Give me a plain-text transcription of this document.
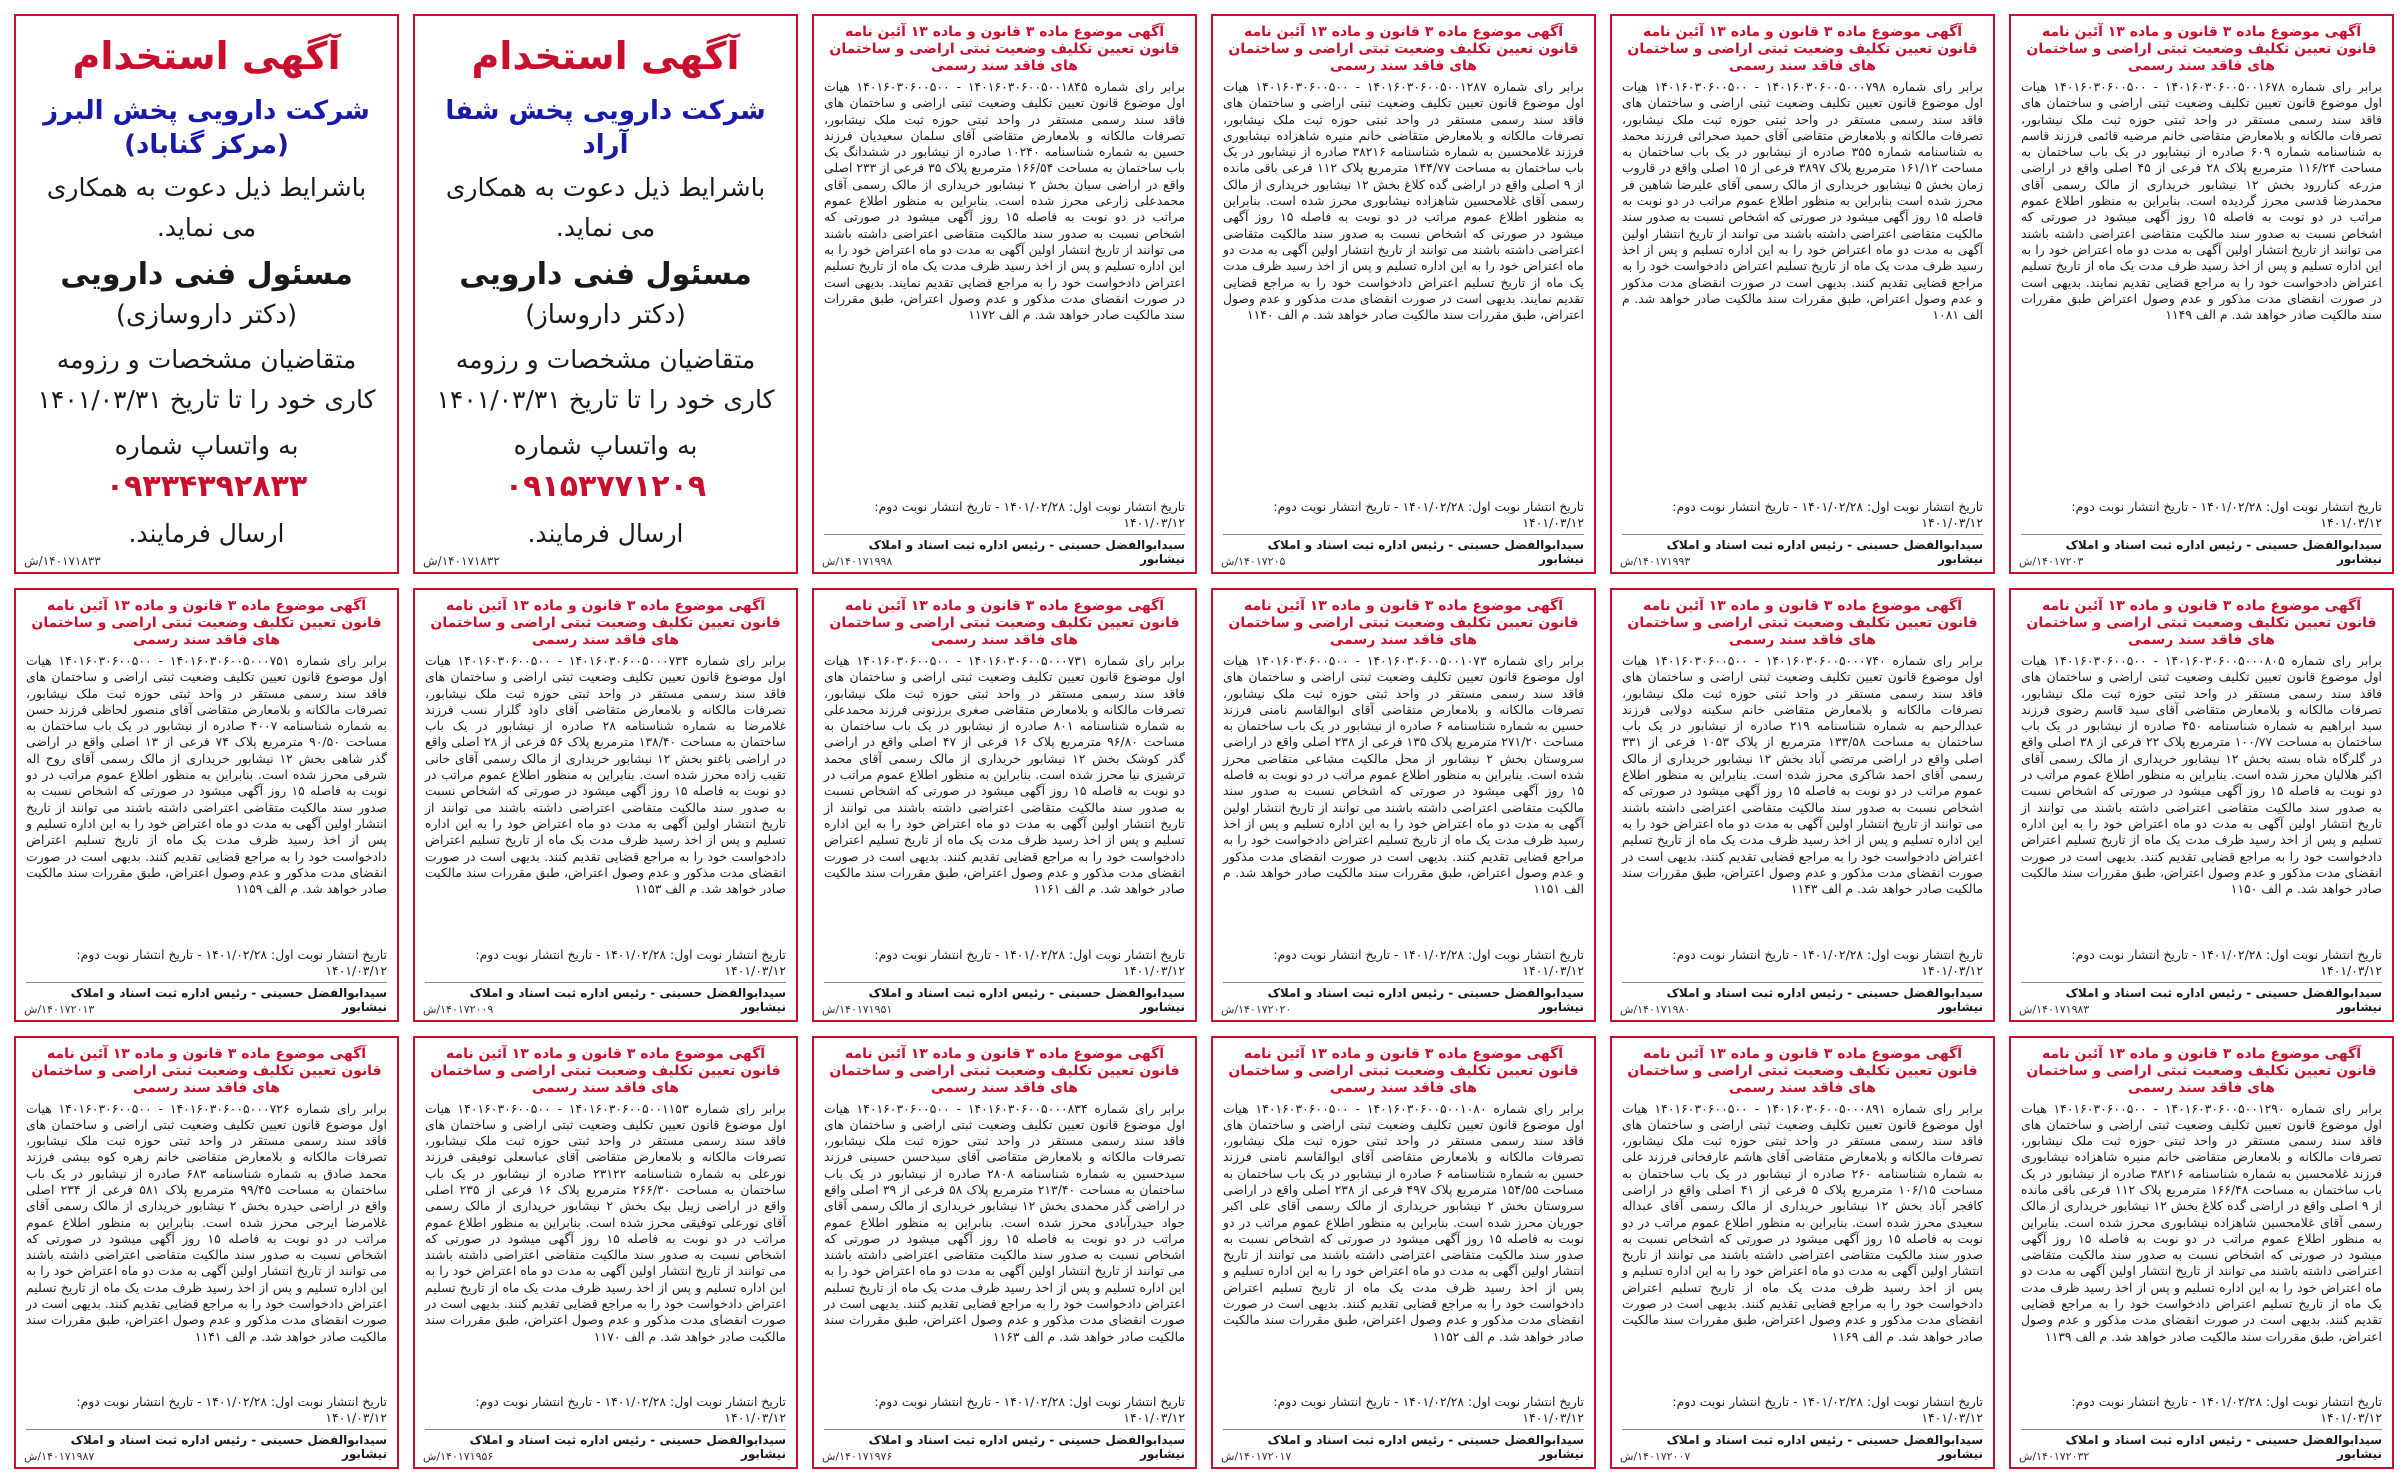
آگهی موضوع ماده ۳ قانون و ماده ۱۳ آئین نامه قانون تعیین تکلیف وضعیت ثبتی اراضی و ساختمان های فاقد سند رسمی
برابر رای شماره ۱۴۰۱۶۰۳۰۶۰۰۵۰۰۱۶۷۸ - ۱۴۰۱۶۰۳۰۶۰۰۵۰۰ هیات اول موضوع قانون تعیین تکلیف وضعیت ثبتی اراضی و ساختمان های فاقد سند رسمی مستقر در واحد ثبتی حوزه ثبت ملک نیشابور، تصرفات مالکانه و بلامعارض متقاضی خانم مرضیه قائمی فرزند قاسم به شناسنامه شماره ۶۰۹ صادره از نیشابور در یک باب ساختمان به مساحت ۱۱۶/۲۴ مترمربع پلاک ۲۸ فرعی از ۴۵ اصلی واقع در اراضی مزرعه کناررود بخش ۱۲ نیشابور خریداری از مالک رسمی آقای محمدرضا قدسی محرز گردیده است. بنابراین به منظور اطلاع عموم مراتب در دو نوبت به فاصله ۱۵ روز آگهی میشود در صورتی که اشخاص نسبت به صدور سند مالکیت متقاضی اعتراضی داشته باشند می توانند از تاریخ انتشار اولین آگهی به مدت دو ماه اعتراض خود را به این اداره تسلیم و پس از اخذ رسید ظرف مدت یک ماه از تاریخ تسلیم اعتراض دادخواست خود را به مراجع قضایی تقدیم نمایند. بدیهی است در صورت انقضای مدت مذکور و عدم وصول اعتراض طبق مقررات سند مالکیت صادر خواهد شد. م الف ۱۱۴۹
تاریخ انتشار نوبت اول: ۱۴۰۱/۰۲/۲۸ - تاریخ انتشار نوبت دوم: ۱۴۰۱/۰۳/۱۲
سیدابوالفضل حسینی - رئیس اداره ثبت اسناد و املاک نیشابور
۱۴۰۱۷۲۰۳/ش
آگهی موضوع ماده ۳ قانون و ماده ۱۳ آئین نامه قانون تعیین تکلیف وضعیت ثبتی اراضی و ساختمان های فاقد سند رسمی
برابر رای شماره ۱۴۰۱۶۰۳۰۶۰۰۵۰۰۰۷۹۸ - ۱۴۰۱۶۰۳۰۶۰۰۵۰۰ هیات اول موضوع قانون تعیین تکلیف وضعیت ثبتی اراضی و ساختمان های فاقد سند رسمی مستقر در واحد ثبتی حوزه ثبت ملک نیشابور، تصرفات مالکانه و بلامعارض متقاضی آقای حمید صحرائی فرزند محمد به شناسنامه شماره ۳۵۵ صادره از نیشابور در یک باب ساختمان به مساحت ۱۶۱/۱۲ مترمربع پلاک ۳۸۹۷ فرعی از ۱۵ اصلی واقع در قاروب زمان بخش ۵ نیشابور خریداری از مالک رسمی آقای علیرضا شاهین فر محرز شده است بنابراین به منظور اطلاع عموم مراتب در دو نوبت به فاصله ۱۵ روز آگهی میشود در صورتی که اشخاص نسبت به صدور سند مالکیت متقاضی اعتراضی داشته باشند می توانند از تاریخ انتشار اولین آگهی به مدت دو ماه اعتراض خود را به این اداره تسلیم و پس از اخذ رسید ظرف مدت یک ماه از تاریخ تسلیم اعتراض دادخواست خود را به مراجع قضایی تقدیم کنند. بدیهی است در صورت انقضای مدت مذکور و عدم وصول اعتراض، طبق مقررات سند مالکیت صادر خواهد شد. م الف ۱۰۸۱
تاریخ انتشار نوبت اول: ۱۴۰۱/۰۲/۲۸ - تاریخ انتشار نوبت دوم: ۱۴۰۱/۰۳/۱۲
سیدابوالفضل حسینی - رئیس اداره ثبت اسناد و املاک نیشابور
۱۴۰۱۷۱۹۹۳/ش
آگهی موضوع ماده ۳ قانون و ماده ۱۳ آئین نامه قانون تعیین تکلیف وضعیت ثبتی اراضی و ساختمان های فاقد سند رسمی
برابر رای شماره ۱۴۰۱۶۰۳۰۶۰۰۵۰۰۱۲۸۷ - ۱۴۰۱۶۰۳۰۶۰۰۵۰۰ هیات اول موضوع قانون تعیین تکلیف وضعیت ثبتی اراضی و ساختمان های فاقد سند رسمی مستقر در واحد ثبتی حوزه ثبت ملک نیشابور، تصرفات مالکانه و بلامعارض متقاضی خانم منیره شاهزاده نیشابوری فرزند غلامحسین به شماره شناسنامه ۳۸۲۱۶ صادره از نیشابور در یک باب ساختمان به مساحت ۱۴۴/۷۷ مترمربع پلاک ۱۱۲ فرعی باقی مانده از ۹ اصلی واقع در اراضی گده کلاغ بخش ۱۲ نیشابور خریداری از مالک رسمی آقای غلامحسین شاهزاده نیشابوری محرز شده است. بنابراین به منظور اطلاع عموم مراتب در دو نوبت به فاصله ۱۵ روز آگهی میشود در صورتی که اشخاص نسبت به صدور سند مالکیت متقاضی اعتراضی داشته باشند می توانند از تاریخ انتشار اولین آگهی به مدت دو ماه اعتراض خود را به این اداره تسلیم و پس از اخذ رسید ظرف مدت یک ماه از تاریخ تسلیم اعتراض دادخواست خود را به مراجع قضایی تقدیم نمایند. بدیهی است در صورت انقضای مدت مذکور و عدم وصول اعتراض، طبق مقررات سند مالکیت صادر خواهد شد. م الف ۱۱۴۰
تاریخ انتشار نوبت اول: ۱۴۰۱/۰۲/۲۸ - تاریخ انتشار نوبت دوم: ۱۴۰۱/۰۳/۱۲
سیدابوالفضل حسینی - رئیس اداره ثبت اسناد و املاک نیشابور
۱۴۰۱۷۲۰۵/ش
آگهی موضوع ماده ۳ قانون و ماده ۱۳ آئین نامه قانون تعیین تکلیف وضعیت ثبتی اراضی و ساختمان های فاقد سند رسمی
برابر رای شماره ۱۴۰۱۶۰۳۰۶۰۰۵۰۰۱۸۴۵ - ۱۴۰۱۶۰۳۰۶۰۰۵۰۰ هیات اول موضوع قانون تعیین تکلیف وضعیت ثبتی اراضی و ساختمان های فاقد سند رسمی مستقر در واحد ثبتی حوزه ثبت ملک نیشابور، تصرفات مالکانه و بلامعارض متقاضی آقای سلمان سعیدیان فرزند حسین به شماره شناسنامه ۱۰۲۴۰ صادره از نیشابور در ششدانگ یک باب ساختمان به مساحت ۱۶۶/۵۴ مترمربع پلاک ۳۵ فرعی از ۲۳۳ اصلی واقع در اراضی سیان بخش ۲ نیشابور خریداری از مالک رسمی آقای محمدعلی زارعی محرز شده است. بنابراین به منظور اطلاع عموم مراتب در دو نوبت به فاصله ۱۵ روز آگهی میشود در صورتی که اشخاص نسبت به صدور سند مالکیت متقاضی اعتراضی داشته باشند می توانند از تاریخ انتشار اولین آگهی به مدت دو ماه اعتراض خود را به این اداره تسلیم و پس از اخذ رسید ظرف مدت یک ماه از تاریخ تسلیم اعتراض دادخواست خود را به مراجع قضایی تقدیم نمایند. بدیهی است در صورت انقضای مدت مذکور و عدم وصول اعتراض، طبق مقررات سند مالکیت صادر خواهد شد. م الف ۱۱۷۲
تاریخ انتشار نوبت اول: ۱۴۰۱/۰۲/۲۸ - تاریخ انتشار نوبت دوم: ۱۴۰۱/۰۳/۱۲
سیدابوالفضل حسینی - رئیس اداره ثبت اسناد و املاک نیشابور
۱۴۰۱۷۱۹۹۸/ش
آگهی استخدام
شرکت دارویی پخش شفا آراد
باشرایط ذیل دعوت به همکاری می نماید.
مسئول فنی دارویی
(دکتر داروساز)
متقاضیان مشخصات و رزومه کاری خود را تا تاریخ ۱۴۰۱/۰۳/۳۱
به واتساپ شماره
۰۹۱۵۳۷۷۱۲۰۹
ارسال فرمایند.
۱۴۰۱۷۱۸۳۲/ش
آگهی استخدام
شرکت دارویی پخش البرز (مرکز گناباد)
باشرایط ذیل دعوت به همکاری می نماید.
مسئول فنی دارویی
(دکتر داروسازی)
متقاضیان مشخصات و رزومه کاری خود را تا تاریخ ۱۴۰۱/۰۳/۳۱
به واتساپ شماره
۰۹۳۳۴۳۹۲۸۳۳
ارسال فرمایند.
۱۴۰۱۷۱۸۳۳/ش
آگهی موضوع ماده ۳ قانون و ماده ۱۳ آئین نامه قانون تعیین تکلیف وضعیت ثبتی اراضی و ساختمان های فاقد سند رسمی
برابر رای شماره ۱۴۰۱۶۰۳۰۶۰۰۵۰۰۰۸۰۵ - ۱۴۰۱۶۰۳۰۶۰۰۵۰۰ هیات اول موضوع قانون تعیین تکلیف وضعیت ثبتی اراضی و ساختمان های فاقد سند رسمی مستقر در واحد ثبتی حوزه ثبت ملک نیشابور، تصرفات مالکانه و بلامعارض متقاضی آقای سید قاسم رضوی فرزند سید ابراهیم به شماره شناسنامه ۴۵۰ صادره از نیشابور در یک باب ساختمان به مساحت ۱۰۰/۷۷ مترمربع پلاک ۲۲ فرعی از ۳۸ اصلی واقع در گلرگاه شاه بسته بخش ۱۲ نیشابور خریداری از مالک رسمی آقای اکبر هلالیان محرز شده است. بنابراین به منظور اطلاع عموم مراتب در دو نوبت به فاصله ۱۵ روز آگهی میشود در صورتی که اشخاص نسبت به صدور سند مالکیت متقاضی اعتراضی داشته باشند می توانند از تاریخ انتشار اولین آگهی به مدت دو ماه اعتراض خود را به این اداره تسلیم و پس از اخذ رسید ظرف مدت یک ماه از تاریخ تسلیم اعتراض دادخواست خود را به مراجع قضایی تقدیم کنند. بدیهی است در صورت انقضای مدت مذکور و عدم وصول اعتراض، طبق مقررات سند مالکیت صادر خواهد شد. م الف ۱۱۵۰
تاریخ انتشار نوبت اول: ۱۴۰۱/۰۲/۲۸ - تاریخ انتشار نوبت دوم: ۱۴۰۱/۰۳/۱۲
سیدابوالفضل حسینی - رئیس اداره ثبت اسناد و املاک نیشابور
۱۴۰۱۷۱۹۸۳/ش
آگهی موضوع ماده ۳ قانون و ماده ۱۳ آئین نامه قانون تعیین تکلیف وضعیت ثبتی اراضی و ساختمان های فاقد سند رسمی
برابر رای شماره ۱۴۰۱۶۰۳۰۶۰۰۵۰۰۰۷۴۰ - ۱۴۰۱۶۰۳۰۶۰۰۵۰۰ هیات اول موضوع قانون تعیین تکلیف وضعیت ثبتی اراضی و ساختمان های فاقد سند رسمی مستقر در واحد ثبتی حوزه ثبت ملک نیشابور، تصرفات مالکانه و بلامعارض متقاضی خانم سکینه دولابی فرزند عبدالرحیم به شماره شناسنامه ۲۱۹ صادره از نیشابور در یک باب ساختمان به مساحت ۱۳۳/۵۸ مترمربع از پلاک ۱۰۵۳ فرعی از ۳۳۱ اصلی واقع در اراضی مرتضی آباد بخش ۱۲ نیشابور خریداری از مالک رسمی آقای احمد شاکری محرز شده است. بنابراین به منظور اطلاع عموم مراتب در دو نوبت به فاصله ۱۵ روز آگهی میشود در صورتی که اشخاص نسبت به صدور سند مالکیت متقاضی اعتراضی داشته باشند می توانند از تاریخ انتشار اولین آگهی به مدت دو ماه اعتراض خود را به این اداره تسلیم و پس از اخذ رسید ظرف مدت یک ماه از تاریخ تسلیم اعتراض دادخواست خود را به مراجع قضایی تقدیم کنند. بدیهی است در صورت انقضای مدت مذکور و عدم وصول اعتراض، طبق مقررات سند مالکیت صادر خواهد شد. م الف ۱۱۴۳
تاریخ انتشار نوبت اول: ۱۴۰۱/۰۲/۲۸ - تاریخ انتشار نوبت دوم: ۱۴۰۱/۰۳/۱۲
سیدابوالفضل حسینی - رئیس اداره ثبت اسناد و املاک نیشابور
۱۴۰۱۷۱۹۸۰/ش
آگهی موضوع ماده ۳ قانون و ماده ۱۳ آئین نامه قانون تعیین تکلیف وضعیت ثبتی اراضی و ساختمان های فاقد سند رسمی
برابر رای شماره ۱۴۰۱۶۰۳۰۶۰۰۵۰۰۱۰۷۳ - ۱۴۰۱۶۰۳۰۶۰۰۵۰۰ هیات اول موضوع قانون تعیین تکلیف وضعیت ثبتی اراضی و ساختمان های فاقد سند رسمی مستقر در واحد ثبتی حوزه ثبت ملک نیشابور، تصرفات مالکانه و بلامعارض متقاضی آقای ابوالقاسم نامنی فرزند حسین به شماره شناسنامه ۶ صادره از نیشابور در یک باب ساختمان به مساحت ۲۷۱/۲۰ مترمربع پلاک ۱۳۵ فرعی از ۲۳۸ اصلی واقع در اراضی سروستان بخش ۲ نیشابور از محل مالکیت مشاعی متقاضی محرز شده است. بنابراین به منظور اطلاع عموم مراتب در دو نوبت به فاصله ۱۵ روز آگهی میشود در صورتی که اشخاص نسبت به صدور سند مالکیت متقاضی اعتراضی داشته باشند می توانند از تاریخ انتشار اولین آگهی به مدت دو ماه اعتراض خود را به این اداره تسلیم و پس از اخذ رسید ظرف مدت یک ماه از تاریخ تسلیم اعتراض دادخواست خود را به مراجع قضایی تقدیم کنند. بدیهی است در صورت انقضای مدت مذکور و عدم وصول اعتراض، طبق مقررات سند مالکیت صادر خواهد شد. م الف ۱۱۵۱
تاریخ انتشار نوبت اول: ۱۴۰۱/۰۲/۲۸ - تاریخ انتشار نوبت دوم: ۱۴۰۱/۰۳/۱۲
سیدابوالفضل حسینی - رئیس اداره ثبت اسناد و املاک نیشابور
۱۴۰۱۷۲۰۲۰/ش
آگهی موضوع ماده ۳ قانون و ماده ۱۳ آئین نامه قانون تعیین تکلیف وضعیت ثبتی اراضی و ساختمان های فاقد سند رسمی
برابر رای شماره ۱۴۰۱۶۰۳۰۶۰۰۵۰۰۰۷۳۱ - ۱۴۰۱۶۰۳۰۶۰۰۵۰۰ هیات اول موضوع قانون تعیین تکلیف وضعیت ثبتی اراضی و ساختمان های فاقد سند رسمی مستقر در واحد ثبتی حوزه ثبت ملک نیشابور، تصرفات مالکانه و بلامعارض متقاضی صغری برزنونی فرزند محمدعلی به شماره شناسنامه ۸۰۱ صادره از نیشابور در یک باب ساختمان به مساحت ۹۶/۸۰ مترمربع پلاک ۱۶ فرعی از ۴۷ اصلی واقع در اراضی گذر کوشک بخش ۱۲ نیشابور خریداری از مالک رسمی آقای محمد ترشیزی نیا محرز شده است. بنابراین به منظور اطلاع عموم مراتب در دو نوبت به فاصله ۱۵ روز آگهی میشود در صورتی که اشخاص نسبت به صدور سند مالکیت متقاضی اعتراضی داشته باشند می توانند از تاریخ انتشار اولین آگهی به مدت دو ماه اعتراض خود را به این اداره تسلیم و پس از اخذ رسید ظرف مدت یک ماه از تاریخ تسلیم اعتراض دادخواست خود را به مراجع قضایی تقدیم کنند. بدیهی است در صورت انقضای مدت مذکور و عدم وصول اعتراض، طبق مقررات سند مالکیت صادر خواهد شد. م الف ۱۱۶۱
تاریخ انتشار نوبت اول: ۱۴۰۱/۰۲/۲۸ - تاریخ انتشار نوبت دوم: ۱۴۰۱/۰۳/۱۲
سیدابوالفضل حسینی - رئیس اداره ثبت اسناد و املاک نیشابور
۱۴۰۱۷۱۹۵۱/ش
آگهی موضوع ماده ۳ قانون و ماده ۱۳ آئین نامه قانون تعیین تکلیف وضعیت ثبتی اراضی و ساختمان های فاقد سند رسمی
برابر رای شماره ۱۴۰۱۶۰۳۰۶۰۰۵۰۰۰۷۳۴ - ۱۴۰۱۶۰۳۰۶۰۰۵۰۰ هیات اول موضوع قانون تعیین تکلیف وضعیت ثبتی اراضی و ساختمان های فاقد سند رسمی مستقر در واحد ثبتی حوزه ثبت ملک نیشابور، تصرفات مالکانه و بلامعارض متقاضی آقای داود گلزار نسب فرزند غلامرضا به شماره شناسنامه ۲۸ صادره از نیشابور در یک باب ساختمان به مساحت ۱۳۸/۴۰ مترمربع پلاک ۵۶ فرعی از ۲۸ اصلی واقع در اراضی باغنو بخش ۱۲ نیشابور خریداری از مالک رسمی آقای خانی تقیب زاده محرز شده است. بنابراین به منظور اطلاع عموم مراتب در دو نوبت به فاصله ۱۵ روز آگهی میشود در صورتی که اشخاص نسبت به صدور سند مالکیت متقاضی اعتراضی داشته باشند می توانند از تاریخ انتشار اولین آگهی به مدت دو ماه اعتراض خود را به این اداره تسلیم و پس از اخذ رسید ظرف مدت یک ماه از تاریخ تسلیم اعتراض دادخواست خود را به مراجع قضایی تقدیم کنند. بدیهی است در صورت انقضای مدت مذکور و عدم وصول اعتراض، طبق مقررات سند مالکیت صادر خواهد شد. م الف ۱۱۵۳
تاریخ انتشار نوبت اول: ۱۴۰۱/۰۲/۲۸ - تاریخ انتشار نوبت دوم: ۱۴۰۱/۰۳/۱۲
سیدابوالفضل حسینی - رئیس اداره ثبت اسناد و املاک نیشابور
۱۴۰۱۷۲۰۰۹/ش
آگهی موضوع ماده ۳ قانون و ماده ۱۳ آئین نامه قانون تعیین تکلیف وضعیت ثبتی اراضی و ساختمان های فاقد سند رسمی
برابر رای شماره ۱۴۰۱۶۰۳۰۶۰۰۵۰۰۰۷۵۱ - ۱۴۰۱۶۰۳۰۶۰۰۵۰۰ هیات اول موضوع قانون تعیین تکلیف وضعیت ثبتی اراضی و ساختمان های فاقد سند رسمی مستقر در واحد ثبتی حوزه ثبت ملک نیشابور، تصرفات مالکانه و بلامعارض متقاضی آقای منصور لحاظی فرزند حسن به شماره شناسنامه ۴۰۰۷ صادره از نیشابور در یک باب ساختمان به مساحت ۹۰/۵۰ مترمربع پلاک ۷۴ فرعی از ۱۳ اصلی واقع در اراضی گذر شاهی بخش ۱۲ نیشابور خریداری از مالک رسمی آقای روح اله شرقی محرز شده است. بنابراین به منظور اطلاع عموم مراتب در دو نوبت به فاصله ۱۵ روز آگهی میشود در صورتی که اشخاص نسبت به صدور سند مالکیت متقاضی اعتراضی داشته باشند می توانند از تاریخ انتشار اولین آگهی به مدت دو ماه اعتراض خود را به این اداره تسلیم و پس از اخذ رسید ظرف مدت یک ماه از تاریخ تسلیم اعتراض دادخواست خود را به مراجع قضایی تقدیم کنند. بدیهی است در صورت انقضای مدت مذکور و عدم وصول اعتراض، طبق مقررات سند مالکیت صادر خواهد شد. م الف ۱۱۵۹
تاریخ انتشار نوبت اول: ۱۴۰۱/۰۲/۲۸ - تاریخ انتشار نوبت دوم: ۱۴۰۱/۰۳/۱۲
سیدابوالفضل حسینی - رئیس اداره ثبت اسناد و املاک نیشابور
۱۴۰۱۷۲۰۱۳/ش
آگهی موضوع ماده ۳ قانون و ماده ۱۳ آئین نامه قانون تعیین تکلیف وضعیت ثبتی اراضی و ساختمان های فاقد سند رسمی
برابر رای شماره ۱۴۰۱۶۰۳۰۶۰۰۵۰۰۱۲۹۰ - ۱۴۰۱۶۰۳۰۶۰۰۵۰۰ هیات اول موضوع قانون تعیین تکلیف وضعیت ثبتی اراضی و ساختمان های فاقد سند رسمی مستقر در واحد ثبتی حوزه ثبت ملک نیشابور، تصرفات مالکانه و بلامعارض متقاضی خانم منیره شاهزاده نیشابوری فرزند غلامحسین به شماره شناسنامه ۳۸۲۱۶ صادره از نیشابور در یک باب ساختمان به مساحت ۱۶۶/۴۸ مترمربع پلاک ۱۱۲ فرعی باقی مانده از ۹ اصلی واقع در اراضی گده کلاغ بخش ۱۲ نیشابور خریداری از مالک رسمی آقای غلامحسین شاهزاده نیشابوری محرز شده است. بنابراین به منظور اطلاع عموم مراتب در دو نوبت به فاصله ۱۵ روز آگهی میشود در صورتی که اشخاص نسبت به صدور سند مالکیت متقاضی اعتراضی داشته باشند می توانند از تاریخ انتشار اولین آگهی به مدت دو ماه اعتراض خود را به این اداره تسلیم و پس از اخذ رسید ظرف مدت یک ماه از تاریخ تسلیم اعتراض دادخواست خود را به مراجع قضایی تقدیم کنند. بدیهی است در صورت انقضای مدت مذکور و عدم وصول اعتراض، طبق مقررات سند مالکیت صادر خواهد شد. م الف ۱۱۳۹
تاریخ انتشار نوبت اول: ۱۴۰۱/۰۲/۲۸ - تاریخ انتشار نوبت دوم: ۱۴۰۱/۰۳/۱۲
سیدابوالفضل حسینی - رئیس اداره ثبت اسناد و املاک نیشابور
۱۴۰۱۷۲۰۳۲/ش
آگهی موضوع ماده ۳ قانون و ماده ۱۳ آئین نامه قانون تعیین تکلیف وضعیت ثبتی اراضی و ساختمان های فاقد سند رسمی
برابر رای شماره ۱۴۰۱۶۰۳۰۶۰۰۵۰۰۰۸۹۱ - ۱۴۰۱۶۰۳۰۶۰۰۵۰۰ هیات اول موضوع قانون تعیین تکلیف وضعیت ثبتی اراضی و ساختمان های فاقد سند رسمی مستقر در واحد ثبتی حوزه ثبت ملک نیشابور، تصرفات مالکانه و بلامعارض متقاضی آقای هاشم عارفخانی فرزند علی به شماره شناسنامه ۲۶۰ صادره از نیشابور در یک باب ساختمان به مساحت ۱۰۶/۱۵ مترمربع پلاک ۵ فرعی از ۴۱ اصلی واقع در اراضی کافجر آباد بخش ۱۲ نیشابور خریداری از مالک رسمی آقای عبداله سعیدی محرز شده است. بنابراین به منظور اطلاع عموم مراتب در دو نوبت به فاصله ۱۵ روز آگهی میشود در صورتی که اشخاص نسبت به صدور سند مالکیت متقاضی اعتراضی داشته باشند می توانند از تاریخ انتشار اولین آگهی به مدت دو ماه اعتراض خود را به این اداره تسلیم و پس از اخذ رسید ظرف مدت یک ماه از تاریخ تسلیم اعتراض دادخواست خود را به مراجع قضایی تقدیم کنند. بدیهی است در صورت انقضای مدت مذکور و عدم وصول اعتراض، طبق مقررات سند مالکیت صادر خواهد شد. م الف ۱۱۶۹
تاریخ انتشار نوبت اول: ۱۴۰۱/۰۲/۲۸ - تاریخ انتشار نوبت دوم: ۱۴۰۱/۰۳/۱۲
سیدابوالفضل حسینی - رئیس اداره ثبت اسناد و املاک نیشابور
۱۴۰۱۷۲۰۰۷/ش
آگهی موضوع ماده ۳ قانون و ماده ۱۳ آئین نامه قانون تعیین تکلیف وضعیت ثبتی اراضی و ساختمان های فاقد سند رسمی
برابر رای شماره ۱۴۰۱۶۰۳۰۶۰۰۵۰۰۱۰۸۰ - ۱۴۰۱۶۰۳۰۶۰۰۵۰۰ هیات اول موضوع قانون تعیین تکلیف وضعیت ثبتی اراضی و ساختمان های فاقد سند رسمی مستقر در واحد ثبتی حوزه ثبت ملک نیشابور، تصرفات مالکانه و بلامعارض متقاضی آقای ابوالقاسم نامنی فرزند حسین به شماره شناسنامه ۶ صادره از نیشابور در یک باب ساختمان به مساحت ۱۵۴/۵۵ مترمربع پلاک ۴۹۷ فرعی از ۲۳۸ اصلی واقع در اراضی سروستان بخش ۲ نیشابور خریداری از مالک رسمی آقای علی اکبر جوریان محرز شده است. بنابراین به منظور اطلاع عموم مراتب در دو نوبت به فاصله ۱۵ روز آگهی میشود در صورتی که اشخاص نسبت به صدور سند مالکیت متقاضی اعتراضی داشته باشند می توانند از تاریخ انتشار اولین آگهی به مدت دو ماه اعتراض خود را به این اداره تسلیم و پس از اخذ رسید ظرف مدت یک ماه از تاریخ تسلیم اعتراض دادخواست خود را به مراجع قضایی تقدیم کنند. بدیهی است در صورت انقضای مدت مذکور و عدم وصول اعتراض، طبق مقررات سند مالکیت صادر خواهد شد. م الف ۱۱۵۲
تاریخ انتشار نوبت اول: ۱۴۰۱/۰۲/۲۸ - تاریخ انتشار نوبت دوم: ۱۴۰۱/۰۳/۱۲
سیدابوالفضل حسینی - رئیس اداره ثبت اسناد و املاک نیشابور
۱۴۰۱۷۲۰۱۷/ش
آگهی موضوع ماده ۳ قانون و ماده ۱۳ آئین نامه قانون تعیین تکلیف وضعیت ثبتی اراضی و ساختمان های فاقد سند رسمی
برابر رای شماره ۱۴۰۱۶۰۳۰۶۰۰۵۰۰۰۸۳۴ - ۱۴۰۱۶۰۳۰۶۰۰۵۰۰ هیات اول موضوع قانون تعیین تکلیف وضعیت ثبتی اراضی و ساختمان های فاقد سند رسمی مستقر در واحد ثبتی حوزه ثبت ملک نیشابور، تصرفات مالکانه و بلامعارض متقاضی آقای سیدحسن حسینی فرزند سیدحسین به شماره شناسنامه ۲۸۰۸ صادره از نیشابور در یک باب ساختمان به مساحت ۲۱۳/۴۰ مترمربع پلاک ۵۸ فرعی از ۳۹ اصلی واقع در اراضی گذر محمدی بخش ۱۲ نیشابور خریداری از مالک رسمی آقای جواد حیدرآبادی محرز شده است. بنابراین به منظور اطلاع عموم مراتب در دو نوبت به فاصله ۱۵ روز آگهی میشود در صورتی که اشخاص نسبت به صدور سند مالکیت متقاضی اعتراضی داشته باشند می توانند از تاریخ انتشار اولین آگهی به مدت دو ماه اعتراض خود را به این اداره تسلیم و پس از اخذ رسید ظرف مدت یک ماه از تاریخ تسلیم اعتراض دادخواست خود را به مراجع قضایی تقدیم کنند. بدیهی است در صورت انقضای مدت مذکور و عدم وصول اعتراض، طبق مقررات سند مالکیت صادر خواهد شد. م الف ۱۱۶۳
تاریخ انتشار نوبت اول: ۱۴۰۱/۰۲/۲۸ - تاریخ انتشار نوبت دوم: ۱۴۰۱/۰۳/۱۲
سیدابوالفضل حسینی - رئیس اداره ثبت اسناد و املاک نیشابور
۱۴۰۱۷۱۹۷۶/ش
آگهی موضوع ماده ۳ قانون و ماده ۱۳ آئین نامه قانون تعیین تکلیف وضعیت ثبتی اراضی و ساختمان های فاقد سند رسمی
برابر رای شماره ۱۴۰۱۶۰۳۰۶۰۰۵۰۰۱۱۵۳ - ۱۴۰۱۶۰۳۰۶۰۰۵۰۰ هیات اول موضوع قانون تعیین تکلیف وضعیت ثبتی اراضی و ساختمان های فاقد سند رسمی مستقر در واحد ثبتی حوزه ثبت ملک نیشابور، تصرفات مالکانه و بلامعارض متقاضی آقای عباسعلی توفیقی فرزند نورعلی به شماره شناسنامه ۲۳۱۲۲ صادره از نیشابور در یک باب ساختمان به مساحت ۲۶۶/۳۰ مترمربع پلاک ۱۶ فرعی از ۲۳۵ اصلی واقع در اراضی زیبل بیک بخش ۲ نیشابور خریداری از مالک رسمی آقای نورعلی توفیقی محرز شده است. بنابراین به منظور اطلاع عموم مراتب در دو نوبت به فاصله ۱۵ روز آگهی میشود در صورتی که اشخاص نسبت به صدور سند مالکیت متقاضی اعتراضی داشته باشند می توانند از تاریخ انتشار اولین آگهی به مدت دو ماه اعتراض خود را به این اداره تسلیم و پس از اخذ رسید ظرف مدت یک ماه از تاریخ تسلیم اعتراض دادخواست خود را به مراجع قضایی تقدیم کنند. بدیهی است در صورت انقضای مدت مذکور و عدم وصول اعتراض، طبق مقررات سند مالکیت صادر خواهد شد. م الف ۱۱۷۰
تاریخ انتشار نوبت اول: ۱۴۰۱/۰۲/۲۸ - تاریخ انتشار نوبت دوم: ۱۴۰۱/۰۳/۱۲
سیدابوالفضل حسینی - رئیس اداره ثبت اسناد و املاک نیشابور
۱۴۰۱۷۱۹۵۶/ش
آگهی موضوع ماده ۳ قانون و ماده ۱۳ آئین نامه قانون تعیین تکلیف وضعیت ثبتی اراضی و ساختمان های فاقد سند رسمی
برابر رای شماره ۱۴۰۱۶۰۳۰۶۰۰۵۰۰۰۷۲۶ - ۱۴۰۱۶۰۳۰۶۰۰۵۰۰ هیات اول موضوع قانون تعیین تکلیف وضعیت ثبتی اراضی و ساختمان های فاقد سند رسمی مستقر در واحد ثبتی حوزه ثبت ملک نیشابور، تصرفات مالکانه و بلامعارض متقاضی خانم زهره کوه بیشی فرزند محمد صادق به شماره شناسنامه ۶۸۳ صادره از نیشابور در یک باب ساختمان به مساحت ۹۹/۴۵ مترمربع پلاک ۵۸۱ فرعی از ۲۳۴ اصلی واقع در اراضی حیدره بخش ۲ نیشابور خریداری از مالک رسمی آقای غلامرضا ایرجی محرز شده است. بنابراین به منظور اطلاع عموم مراتب در دو نوبت به فاصله ۱۵ روز آگهی میشود در صورتی که اشخاص نسبت به صدور سند مالکیت متقاضی اعتراضی داشته باشند می توانند از تاریخ انتشار اولین آگهی به مدت دو ماه اعتراض خود را به این اداره تسلیم و پس از اخذ رسید ظرف مدت یک ماه از تاریخ تسلیم اعتراض دادخواست خود را به مراجع قضایی تقدیم کنند. بدیهی است در صورت انقضای مدت مذکور و عدم وصول اعتراض، طبق مقررات سند مالکیت صادر خواهد شد. م الف ۱۱۴۱
تاریخ انتشار نوبت اول: ۱۴۰۱/۰۲/۲۸ - تاریخ انتشار نوبت دوم: ۱۴۰۱/۰۳/۱۲
سیدابوالفضل حسینی - رئیس اداره ثبت اسناد و املاک نیشابور
۱۴۰۱۷۱۹۸۷/ش
